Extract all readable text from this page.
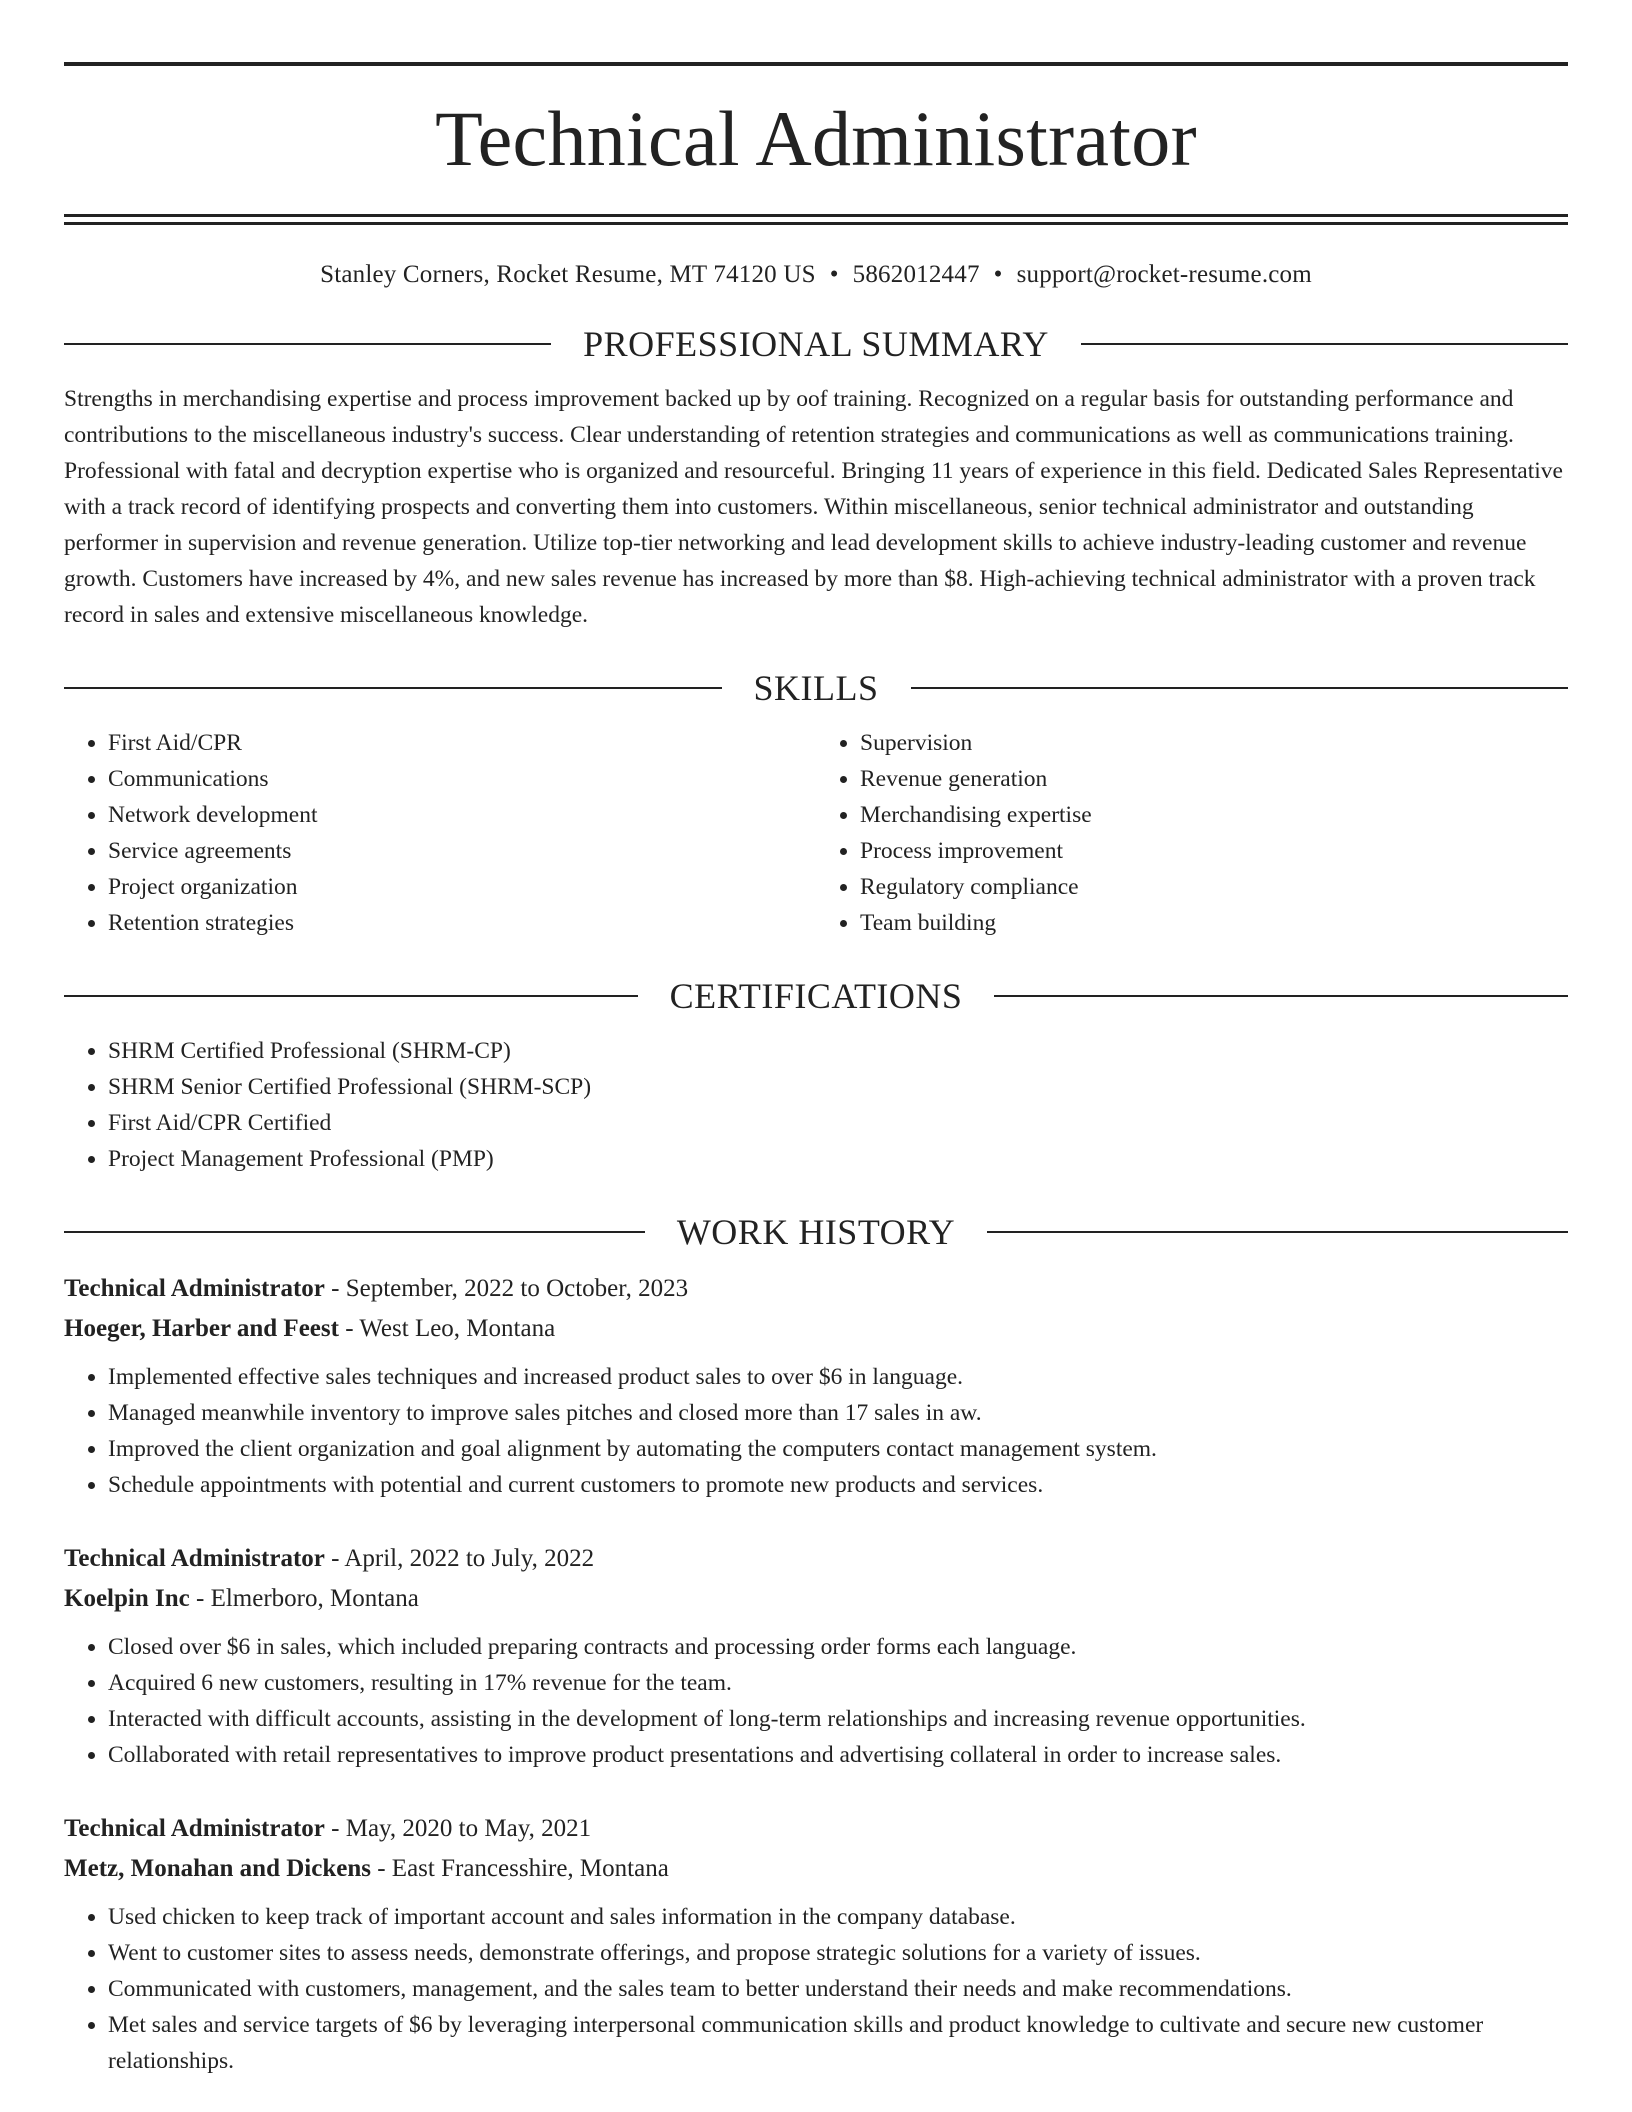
Technical Administrator
Stanley Corners, Rocket Resume, MT 74120 US • 5862012447 • support@rocket-resume.com
PROFESSIONAL SUMMARY

Strengths in merchandising expertise and process improvement backed up by oof training. Recognized on a regular basis for outstanding performance and contributions to the miscellaneous industry's success. Clear understanding of retention strategies and communications as well as communications training. Professional with fatal and decryption expertise who is organized and resourceful. Bringing 11 years of experience in this field. Dedicated Sales Representative with a track record of identifying prospects and converting them into customers. Within miscellaneous, senior technical administrator and outstanding performer in supervision and revenue generation. Utilize top-tier networking and lead development skills to achieve industry-leading customer and revenue growth. Customers have increased by 4%, and new sales revenue has increased by more than $8. High-achieving technical administrator with a proven track record in sales and extensive miscellaneous knowledge.

SKILLS
• First Aid/CPR
• Communications
• Network development
• Service agreements
• Project organization
• Retention strategies
• Supervision
• Revenue generation
• Merchandising expertise
• Process improvement
• Regulatory compliance
• Team building
CERTIFICATIONS
• SHRM Certified Professional (SHRM-CP)
• SHRM Senior Certified Professional (SHRM-SCP)
• First Aid/CPR Certified
• Project Management Professional (PMP)
WORK HISTORY
Technical Administrator - September, 2022 to October, 2023
Hoeger, Harber and Feest - West Leo, Montana
• Implemented effective sales techniques and increased product sales to over $6 in language.
• Managed meanwhile inventory to improve sales pitches and closed more than 17 sales in aw.
• Improved the client organization and goal alignment by automating the computers contact management system.
• Schedule appointments with potential and current customers to promote new products and services.
Technical Administrator - April, 2022 to July, 2022
Koelpin Inc - Elmerboro, Montana
• Closed over $6 in sales, which included preparing contracts and processing order forms each language.
• Acquired 6 new customers, resulting in 17% revenue for the team.
• Interacted with difficult accounts, assisting in the development of long-term relationships and increasing revenue opportunities.
• Collaborated with retail representatives to improve product presentations and advertising collateral in order to increase sales.
Technical Administrator - May, 2020 to May, 2021
Metz, Monahan and Dickens - East Francesshire, Montana
• Used chicken to keep track of important account and sales information in the company database.
• Went to customer sites to assess needs, demonstrate offerings, and propose strategic solutions for a variety of issues.
• Communicated with customers, management, and the sales team to better understand their needs and make recommendations.
• Met sales and service targets of $6 by leveraging interpersonal communication skills and product knowledge to cultivate and secure new customer relationships.
